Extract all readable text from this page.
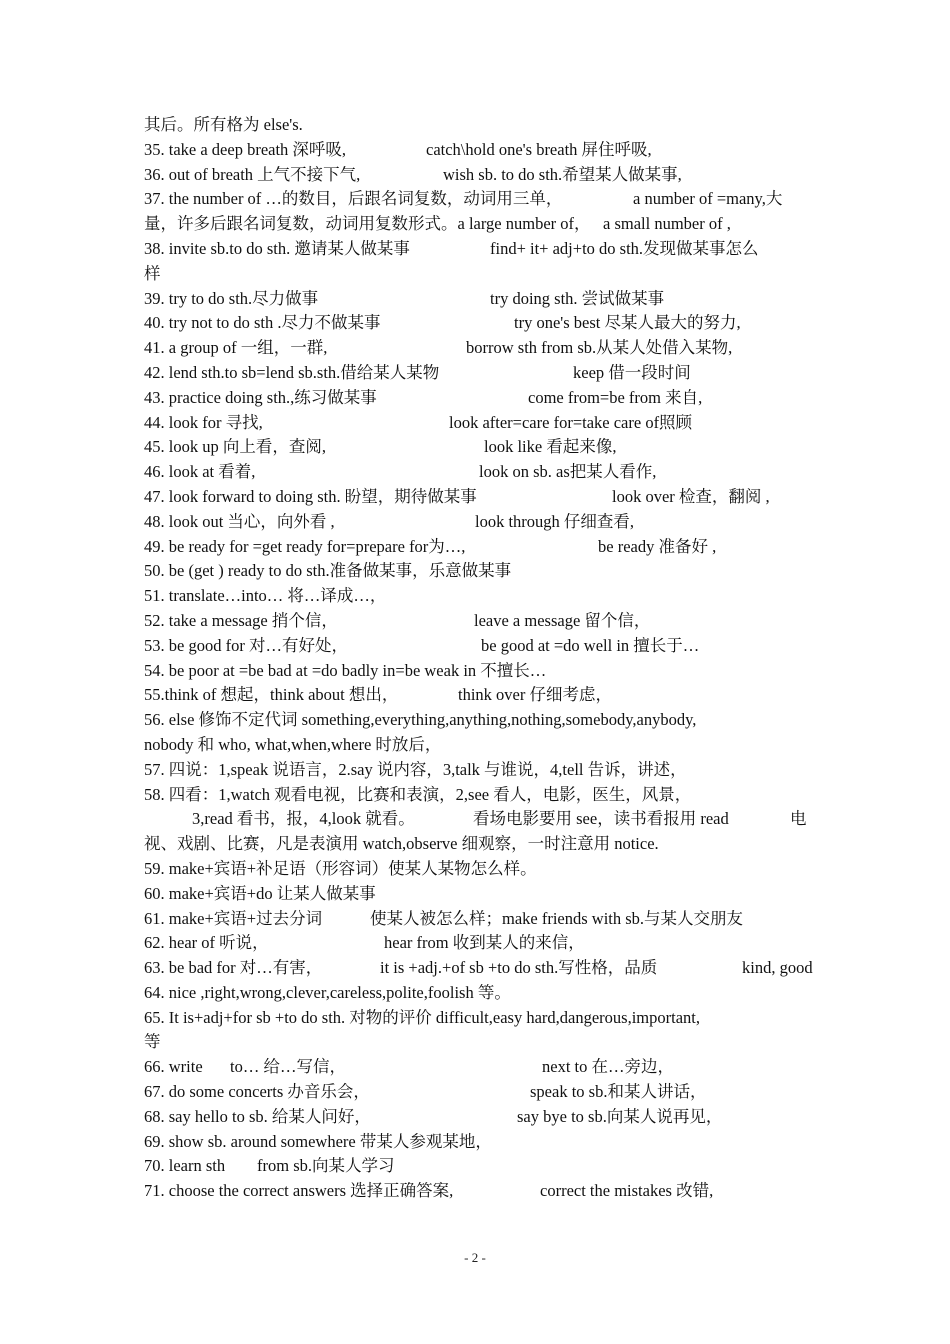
其后。所有格为 else's.
35. take a deep breath 深呼吸,	catch\hold one's breath 屏住呼吸,
36. out of breath 上气不接下气,	wish sb. to do sth.希望某人做某事,
37. the number of …的数目，后跟名词复数，动词用三单，	a number of =many,大
量，许多后跟名词复数，动词用复数形式。a large number of， a small number of ,
38. invite sb.to do sth. 邀请某人做某事	find+ it+ adj+to do sth.发现做某事怎么
样
39. try to do sth.尽力做事	try doing sth. 尝试做某事
40. try not to do sth .尽力不做某事	try one's best 尽某人最大的努力,
41. a group of 一组，一群,	borrow sth from sb.从某人处借入某物,
42. lend sth.to sb=lend sb.sth.借给某人某物	keep 借一段时间
43. practice doing sth.,练习做某事	come from=be from 来自,
44. look for 寻找,	look after=care for=take care of照顾
45. look up 向上看，查阅,	look like 看起来像,
46. look at 看着,	look on sb. as把某人看作,
47. look forward to doing sth. 盼望，期待做某事	look over 检查，翻阅 ,
48. look out 当心，向外看 ,	look through 仔细查看,
49. be ready for =get ready for=prepare for为…,	be ready 准备好 ,
50. be (get ) ready to do sth.准备做某事，乐意做某事
51. translate…into… 将…译成…，
52. take a message 捎个信，	leave a message 留个信，
53. be good for 对…有好处，	be good at =do well in 擅长于…
54. be poor at =be bad at =do badly in=be weak in 不擅长…
55.think of 想起，think about 想出，	think over 仔细考虑，
56. else 修饰不定代词 something,everything,anything,nothing,somebody,anybody,
nobody 和 who, what,when,where 时放后，
57. 四说：1,speak 说语言，2.say 说内容，3,talk 与谁说，4,tell 告诉，讲述，
58. 四看：1,watch 观看电视，比赛和表演，2,see 看人，电影，医生，风景，
3,read 看书，报，4,look 就看。	看场电影要用 see，读书看报用 read	电
视、戏剧、比赛，凡是表演用 watch,observe 细观察，一时注意用 notice.
59. make+宾语+补足语（形容词）使某人某物怎么样。
60. make+宾语+do 让某人做某事
61. make+宾语+过去分词	使某人被怎么样；make friends with sb.与某人交朋友
62. hear of 听说，	hear from 收到某人的来信，
63. be bad for 对…有害，	it is +adj.+of sb +to do sth.写性格，品质	kind, good
64. nice ,right,wrong,clever,careless,polite,foolish 等。
65. It is+adj+for sb +to do sth. 对物的评价 difficult,easy hard,dangerous,important,
等
66. write to… 给…写信，	next to 在…旁边，
67. do some concerts 办音乐会，	speak to sb.和某人讲话，
68. say hello to sb. 给某人问好，	say bye to sb.向某人说再见，
69. show sb. around somewhere 带某人参观某地，
70. learn sth from sb.向某人学习
71. choose the correct answers 选择正确答案,	correct the mistakes 改错,
- 2 -
